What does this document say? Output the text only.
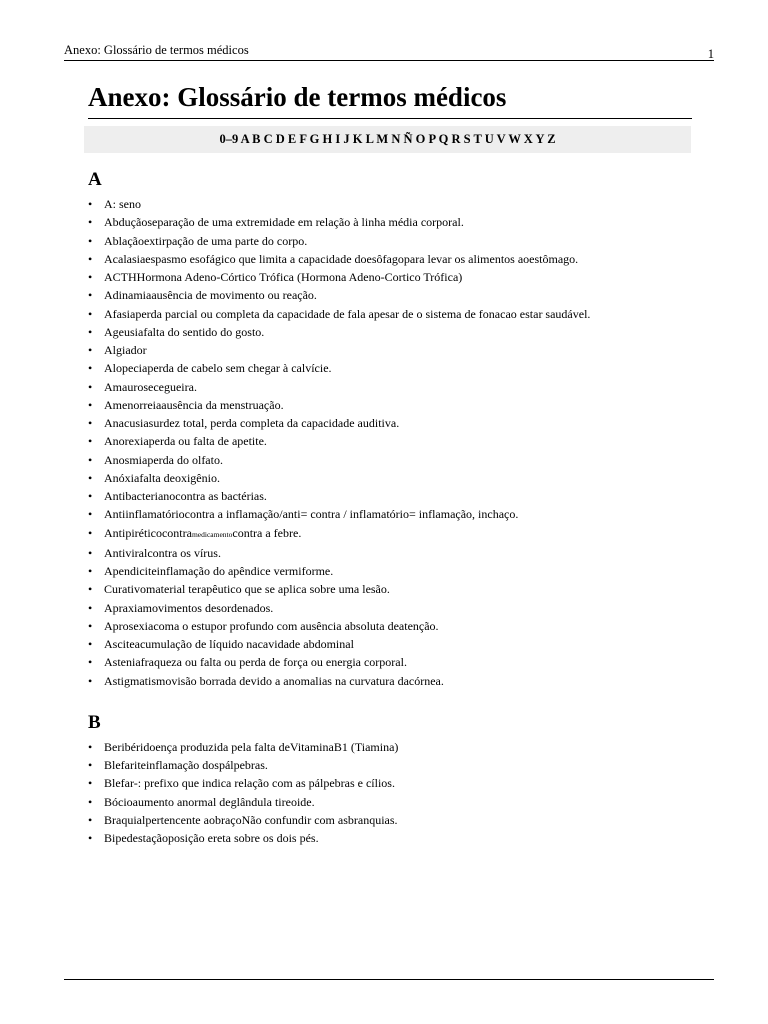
Anexo: Glossário de termos médicos	1
Anexo: Glossário de termos médicos
0–9 A B C D E F G H I J K L M N Ñ O P Q R S T U V W X Y Z
A
• A: seno
• Abduçãoseparação de uma extremidade em relação à linha média corporal.
• Ablaçãoextirpação de uma parte do corpo.
• Acalasiaespasmo esofágico que limita a capacidade doesôfagopara levar os alimentos aoestômago.
• ACTHHormona Adeno-Córtico Trófica (Hormona Adeno-Cortico Trófica)
• Adinamiaausência de movimento ou reação.
• Afasiaperda parcial ou completa da capacidade de fala apesar de o sistema de fonacao estar saudável.
• Ageusiafalta do sentido do gosto.
• Algiador
• Alopeciaperda de cabelo sem chegar à calvície.
• Amaurosecegueira.
• Amenorreiaausência da menstruação.
• Anacusiasurdez total, perda completa da capacidade auditiva.
• Anorexiaperda ou falta de apetite.
• Anosmiaperda do olfato.
• Anóxiafalta deoxigênio.
• Antibacterianocontra as bactérias.
• Antiinflamatóriocontra a inflamação/anti= contra / inflamatório= inflamação, inchaço.
• Antipiréticocontramedicamentocontra a febre.
• Antiviralcontra os vírus.
• Apendiciteinflamação do apêndice vermiforme.
• Curativomaterial terapêutico que se aplica sobre uma lesão.
• Apraxiamovimentos desordenados.
• Aprosexiacoma o estupor profundo com ausência absoluta deatenção.
• Asciteacumulação de líquido nacavidade abdominal
• Asteniafraqueza ou falta ou perda de força ou energia corporal.
• Astigmatismovisão borrada devido a anomalias na curvatura dacórnea.
B
• Beribéridoença produzida pela falta deVitaminaB1 (Tiamina)
• Blefariteinflamação dospálpebras.
• Blefar-: prefixo que indica relação com as pálpebras e cílios.
• Bócioaumento anormal deglândula tireoide.
• Braquialpertencente aobraçoNão confundir com asbranquias.
• Bipedestaçãoposição ereta sobre os dois pés.
